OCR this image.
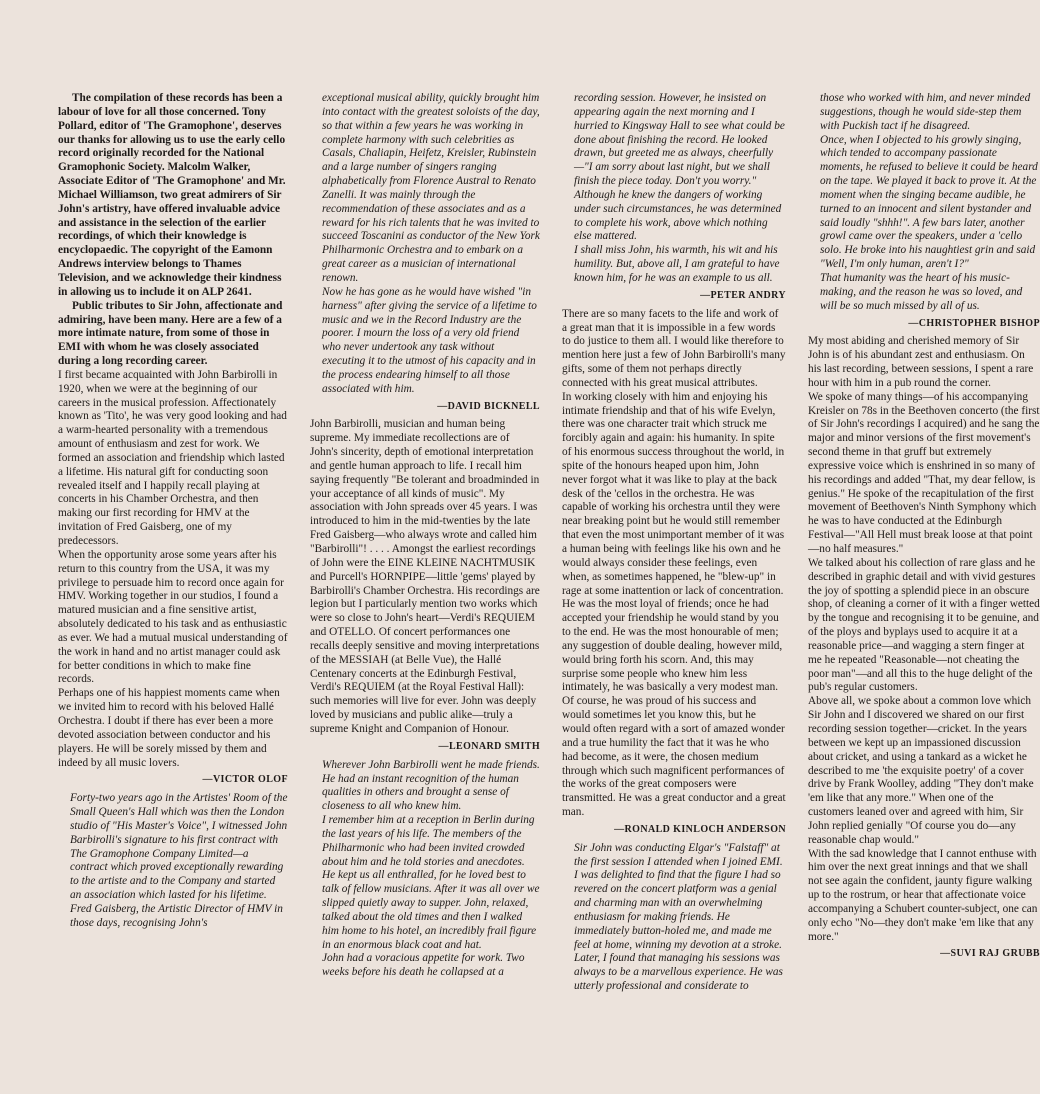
The compilation of these records has been a labour of love for all those concerned. Tony Pollard, editor of 'The Gramophone', deserves our thanks for allowing us to use the early cello record originally recorded for the National Gramophonic Society. Malcolm Walker, Associate Editor of 'The Gramophone' and Mr. Michael Williamson, two great admirers of Sir John's artistry, have offered invaluable advice and assistance in the selection of the earlier recordings, of which their knowledge is encyclopaedic. The copyright of the Eamonn Andrews interview belongs to Thames Television, and we acknowledge their kindness in allowing us to include it on ALP 2641.

Public tributes to Sir John, affectionate and admiring, have been many. Here are a few of a more intimate nature, from some of those in EMI with whom he was closely associated during a long recording career.

I first became acquainted with John Barbirolli in 1920, when we were at the beginning of our careers in the musical profession. Affectionately known as 'Tito', he was very good looking and had a warm-hearted personality with a tremendous amount of enthusiasm and zest for work. We formed an association and friendship which lasted a lifetime. His natural gift for conducting soon revealed itself and I happily recall playing at concerts in his Chamber Orchestra, and then making our first recording for HMV at the invitation of Fred Gaisberg, one of my predecessors.

When the opportunity arose some years after his return to this country from the USA, it was my privilege to persuade him to record once again for HMV. Working together in our studios, I found a matured musician and a fine sensitive artist, absolutely dedicated to his task and as enthusiastic as ever. We had a mutual musical understanding of the work in hand and no artist manager could ask for better conditions in which to make fine records.

Perhaps one of his happiest moments came when we invited him to record with his beloved Hallé Orchestra. I doubt if there has ever been a more devoted association between conductor and his players. He will be sorely missed by them and indeed by all music lovers.

— VICTOR OLOF

Forty-two years ago in the Artistes' Room of the Small Queen's Hall which was then the London studio of "His Master's Voice", I witnessed John Barbirolli's signature to his first contract with The Gramophone Company Limited—a contract which proved exceptionally rewarding to the artiste and to the Company and started an association which lasted for his lifetime.

Fred Gaisberg, the Artistic Director of HMV in those days, recognising John's

exceptional musical ability, quickly brought him into contact with the greatest soloists of the day, so that within a few years he was working in complete harmony with such celebrities as Casals, Chaliapin, Heifetz, Kreisler, Rubinstein and a large number of singers ranging alphabetically from Florence Austral to Renato Zanelli. It was mainly through the recommendation of these associates and as a reward for his rich talents that he was invited to succeed Toscanini as conductor of the New York Philharmonic Orchestra and to embark on a great career as a musician of international renown.

Now he has gone as he would have wished "in harness" after giving the service of a lifetime to music and we in the Record Industry are the poorer. I mourn the loss of a very old friend who never undertook any task without executing it to the utmost of his capacity and in the process endearing himself to all those associated with him.

— DAVID BICKNELL

John Barbirolli, musician and human being supreme. My immediate recollections are of John's sincerity, depth of emotional interpretation and gentle human approach to life. I recall him saying frequently "Be tolerant and broadminded in your acceptance of all kinds of music". My association with John spreads over 45 years. I was introduced to him in the mid-twenties by the late Fred Gaisberg—who always wrote and called him "Barbirolli"! . . . . Amongst the earliest recordings of John were the EINE KLEINE NACHTMUSIK and Purcell's HORNPIPE—little 'gems' played by Barbirolli's Chamber Orchestra. His recordings are legion but I particularly mention two works which were so close to John's heart—Verdi's REQUIEM and OTELLO. Of concert performances one recalls deeply sensitive and moving interpretations of the MESSIAH (at Belle Vue), the Hallé Centenary concerts at the Edinburgh Festival, Verdi's REQUIEM (at the Royal Festival Hall): such memories will live for ever. John was deeply loved by musicians and public alike—truly a supreme Knight and Companion of Honour.

— LEONARD SMITH

Wherever John Barbirolli went he made friends. He had an instant recognition of the human qualities in others and brought a sense of closeness to all who knew him.

I remember him at a reception in Berlin during the last years of his life. The members of the Philharmonic who had been invited crowded about him and he told stories and anecdotes. He kept us all enthralled, for he loved best to talk of fellow musicians. After it was all over we slipped quietly away to supper. John, relaxed, talked about the old times and then I walked him home to his hotel, an incredibly frail figure in an enormous black coat and hat.

John had a voracious appetite for work. Two weeks before his death he collapsed at a

recording session. However, he insisted on appearing again the next morning and I hurried to Kingsway Hall to see what could be done about finishing the record. He looked drawn, but greeted me as always, cheerfully—"I am sorry about last night, but we shall finish the piece today. Don't you worry." Although he knew the dangers of working under such circumstances, he was determined to complete his work, above which nothing else mattered.

I shall miss John, his warmth, his wit and his humility. But, above all, I am grateful to have known him, for he was an example to us all.

— PETER ANDRY

There are so many facets to the life and work of a great man that it is impossible in a few words to do justice to them all. I would like therefore to mention here just a few of John Barbirolli's many gifts, some of them not perhaps directly connected with his great musical attributes.

In working closely with him and enjoying his intimate friendship and that of his wife Evelyn, there was one character trait which struck me forcibly again and again: his humanity. In spite of his enormous success throughout the world, in spite of the honours heaped upon him, John never forgot what it was like to play at the back desk of the 'cellos in the orchestra. He was capable of working his orchestra until they were near breaking point but he would still remember that even the most unimportant member of it was a human being with feelings like his own and he would always consider these feelings, even when, as sometimes happened, he "blew-up" in rage at some inattention or lack of concentration. He was the most loyal of friends; once he had accepted your friendship he would stand by you to the end. He was the most honourable of men; any suggestion of double dealing, however mild, would bring forth his scorn. And, this may surprise some people who knew him less intimately, he was basically a very modest man. Of course, he was proud of his success and would sometimes let you know this, but he would often regard with a sort of amazed wonder and a true humility the fact that it was he who had become, as it were, the chosen medium through which such magnificent performances of the works of the great composers were transmitted. He was a great conductor and a great man.

— RONALD KINLOCH ANDERSON

Sir John was conducting Elgar's "Falstaff" at the first session I attended when I joined EMI. I was delighted to find that the figure I had so revered on the concert platform was a genial and charming man with an overwhelming enthusiasm for making friends. He immediately button-holed me, and made me feel at home, winning my devotion at a stroke.

Later, I found that managing his sessions was always to be a marvellous experience. He was utterly professional and considerate to

those who worked with him, and never minded suggestions, though he would side-step them with Puckish tact if he disagreed.

Once, when I objected to his growly singing, which tended to accompany passionate moments, he refused to believe it could be heard on the tape. We played it back to prove it. At the moment when the singing became audible, he turned to an innocent and silent bystander and said loudly "shhh!". A few bars later, another growl came over the speakers, under a 'cello solo. He broke into his naughtiest grin and said "Well, I'm only human, aren't I?"

That humanity was the heart of his music-making, and the reason he was so loved, and will be so much missed by all of us.

— CHRISTOPHER BISHOP

My most abiding and cherished memory of Sir John is of his abundant zest and enthusiasm. On his last recording, between sessions, I spent a rare hour with him in a pub round the corner.

We spoke of many things—of his accompanying Kreisler on 78s in the Beethoven concerto (the first of Sir John's recordings I acquired) and he sang the major and minor versions of the first movement's second theme in that gruff but extremely expressive voice which is enshrined in so many of his recordings and added "That, my dear fellow, is genius." He spoke of the recapitulation of the first movement of Beethoven's Ninth Symphony which he was to have conducted at the Edinburgh Festival—"All Hell must break loose at that point—no half measures."

We talked about his collection of rare glass and he described in graphic detail and with vivid gestures the joy of spotting a splendid piece in an obscure shop, of cleaning a corner of it with a finger wetted by the tongue and recognising it to be genuine, and of the ploys and byplays used to acquire it at a reasonable price—and wagging a stern finger at me he repeated "Reasonable—not cheating the poor man"—and all this to the huge delight of the pub's regular customers.

Above all, we spoke about a common love which Sir John and I discovered we shared on our first recording session together—cricket. In the years between we kept up an impassioned discussion about cricket, and using a tankard as a wicket he described to me 'the exquisite poetry' of a cover drive by Frank Woolley, adding "They don't make 'em like that any more." When one of the customers leaned over and agreed with him, Sir John replied genially "Of course you do—any reasonable chap would."

With the sad knowledge that I cannot enthuse with him over the next great innings and that we shall not see again the confident, jaunty figure walking up to the rostrum, or hear that affectionate voice accompanying a Schubert counter-subject, one can only echo "No—they don't make 'em like that any more."

— SUVI RAJ GRUBB
